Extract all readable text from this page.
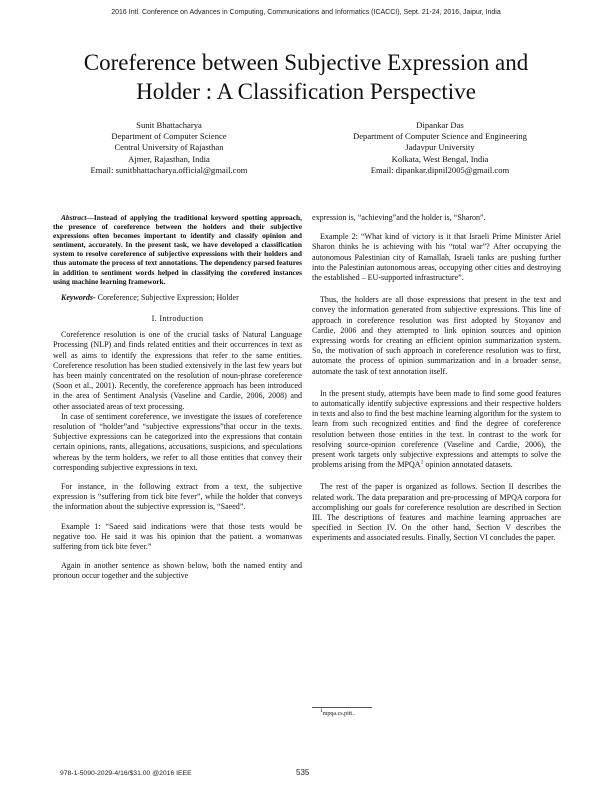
2016 Intl. Conference on Advances in Computing, Communications and Informatics (ICACCI), Sept. 21-24, 2016, Jaipur, India
Coreference between Subjective Expression and
Holder : A Classification Perspective
Sunit Bhattacharya
Department of Computer Science
Central University of Rajasthan
Ajmer, Rajasthan, India
Email: sunitbhattacharya.official@gmail.com
Dipankar Das
Department of Computer Science and Engineering
Jadavpur University
Kolkata, West Bengal, India
Email: dipankar.dipnil2005@gmail.com

Abstract—Instead of applying the traditional keyword spotting approach, the presence of coreference between the holders and their subjective expressions often becomes important to identify and classify opinion and sentiment, accurately. In the present task, we have developed a classification system to resolve coreference of subjective expressions with their holders and thus automate the process of text annotations. The dependency parsed features in addition to sentiment words helped in classifying the corefered instances using machine learning framework.

Keywords- Coreference; Subjective Expression; Holder

I. Introduction

Coreference resolution is one of the crucial tasks of Natural Language Processing (NLP) and finds related entities and their occurrences in text as well as aims to identify the expressions that refer to the same entities. Coreference resolution has been studied extensively in the last few years but has been mainly concentrated on the resolution of noun-phrase coreference (Soon et al., 2001). Recently, the coreference approach has been introduced in the area of Sentiment Analysis (Vaseline and Cardie, 2006, 2008) and other associated areas of text processing.

In case of sentiment coreference, we investigate the issues of coreference resolution of “holder”and “subjective expressions”that occur in the texts. Subjective expressions can be categorized into the expressions that contain certain opinions, rants, allegations, accusations, suspicions, and speculations whereas by the term holders, we refer to all those entities that convey their corresponding subjective expressions in text.

For instance, in the following extract from a text, the subjective expression is “suffering from tick bite fever”, while the holder that conveys the information about the subjective expression is, “Saeed”.

Example 1: “Saeed said indications were that those tests would be negative too. He said it was his opinion that the patient. a womanwas suffering from tick bite fever.”

Again in another sentence as shown below, both the named entity and pronoun occur together and the subjective

expression is, “achieving”and the holder is, “Sharon”.

Example 2: “What kind of victory is it that Israeli Prime Minister Ariel Sharon thinks he is achieving with his “total war”? After occupying the autonomous Palestinian city of Ramallah, Israeli tanks are pushing further into the Palestinian autonomous areas, occupying other cities and destroying the established – EU-supported infrastructure”.

Thus, the holders are all those expressions that present in the text and convey the information generated from subjective expressions. This line of approach in coreference resolution was first adopted by Stoyanov and Cardie, 2006 and they attempted to link opinion sources and opinion expressing words for creating an efficient opinion summarization system. So, the motivation of such approach in coreference resolution was to first, automate the process of opinion summarization and in a broader sense, automate the task of text annotation itself.

In the present study, attempts have been made to find some good features to automatically identify subjective expressions and their respective holders in texts and also to find the best machine learning algorithm for the system to learn from such recognized entities and find the degree of coreference resolution between those entities in the text. In contrast to the work for resolving source-opinion coreference (Vaseline and Cardie, 2006), the present work targets only subjective expressions and attempts to solve the problems arising from the MPQA$^1$ opinion annotated datasets.

The rest of the paper is organized as follows. Section II describes the related work. The data preparation and pre-processing of MPQA corpora for accomplishing our goals for coreference resolution are described in Section III. The descriptions of features and machine learning approaches are specified in Section IV. On the other hand, Section V describes the experiments and associated results. Finally, Section VI concludes the paper.

$^1$mpqa.cs.pitt..
978-1-5090-2029-4/16/$31.00 @2016 IEEE	535
